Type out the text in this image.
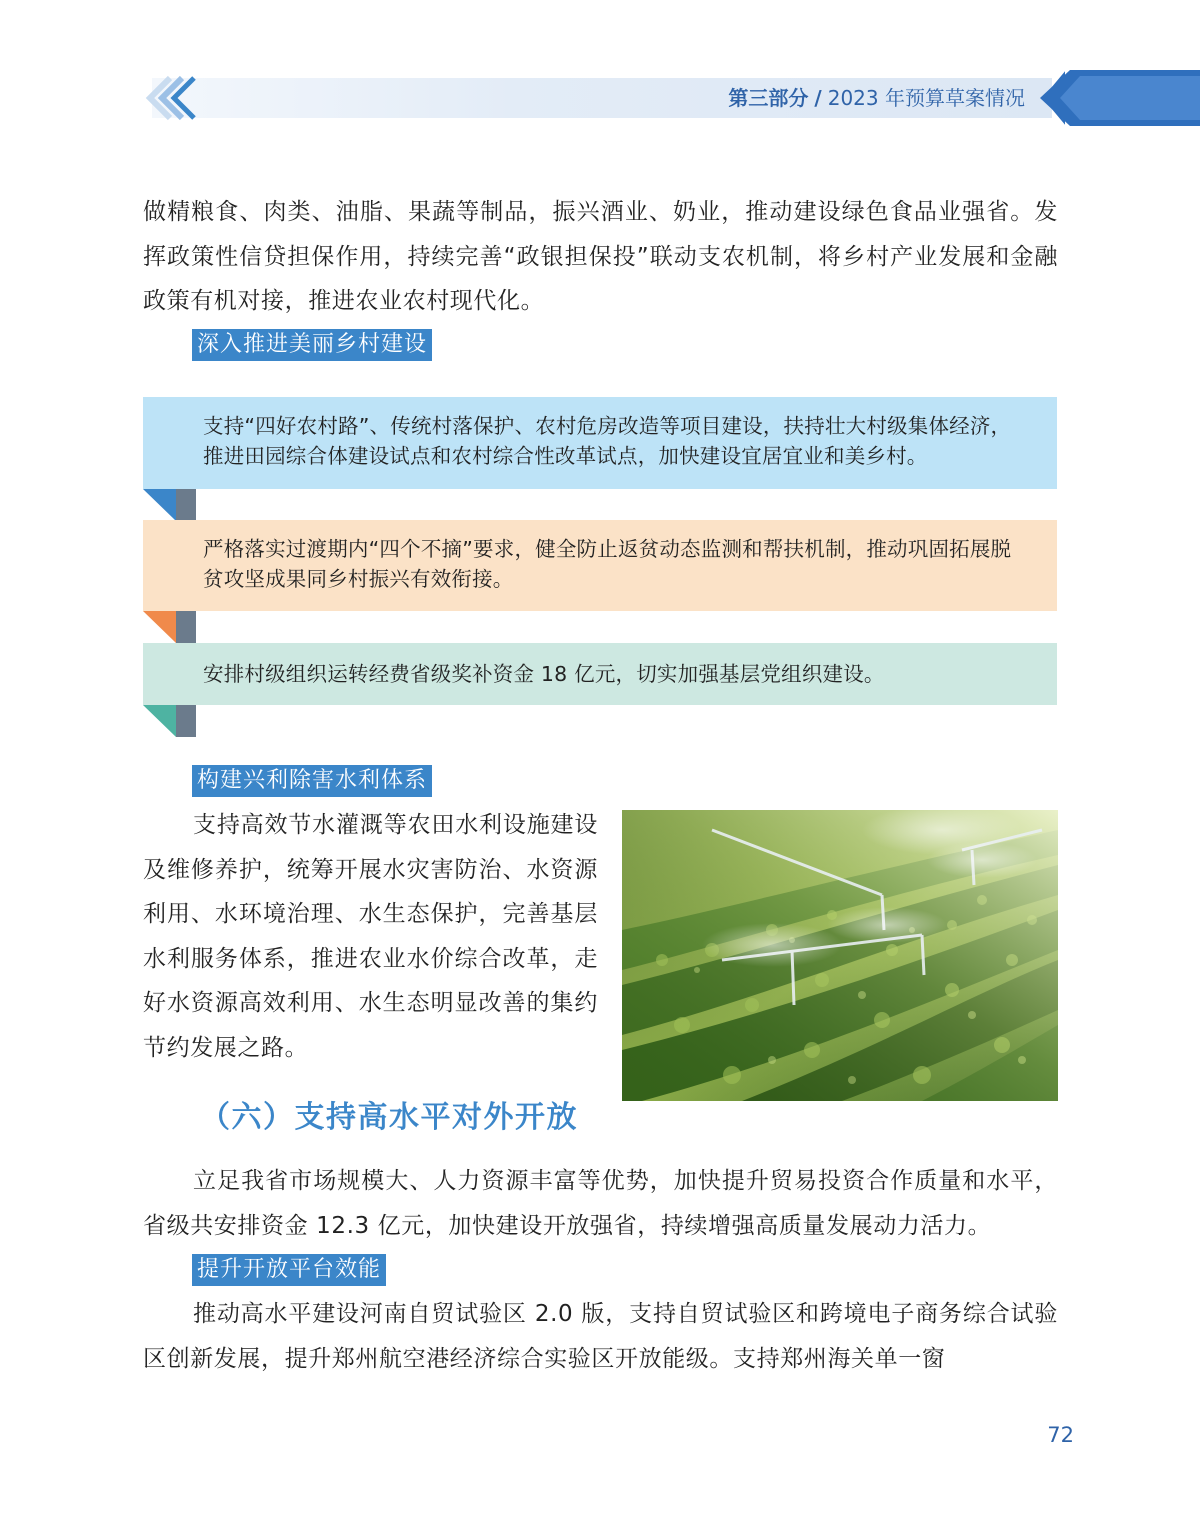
第三部分 / 2023 年预算草案情况

做精粮食、肉类、油脂、果蔬等制品，振兴酒业、奶业，推动建设绿色食品业强省。发挥政策性信贷担保作用，持续完善“政银担保投”联动支农机制，将乡村产业发展和金融政策有机对接，推进农业农村现代化。

深入推进美丽乡村建设
支持“四好农村路”、传统村落保护、农村危房改造等项目建设，扶持壮大村级集体经济，推进田园综合体建设试点和农村综合性改革试点，加快建设宜居宜业和美乡村。
严格落实过渡期内“四个不摘”要求，健全防止返贫动态监测和帮扶机制，推动巩固拓展脱贫攻坚成果同乡村振兴有效衔接。
安排村级组织运转经费省级奖补资金 18 亿元，切实加强基层党组织建设。
构建兴利除害水利体系

支持高效节水灌溉等农田水利设施建设及维修养护，统筹开展水灾害防治、水资源利用、水环境治理、水生态保护，完善基层水利服务体系，推进农业水价综合改革，走好水资源高效利用、水生态明显改善的集约节约发展之路。

（六）支持高水平对外开放

立足我省市场规模大、人力资源丰富等优势，加快提升贸易投资合作质量和水平，省级共安排资金 12.3 亿元，加快建设开放强省，持续增强高质量发展动力活力。

提升开放平台效能

推动高水平建设河南自贸试验区 2.0 版，支持自贸试验区和跨境电子商务综合试验区创新发展，提升郑州航空港经济综合实验区开放能级。支持郑州海关单一窗

72
